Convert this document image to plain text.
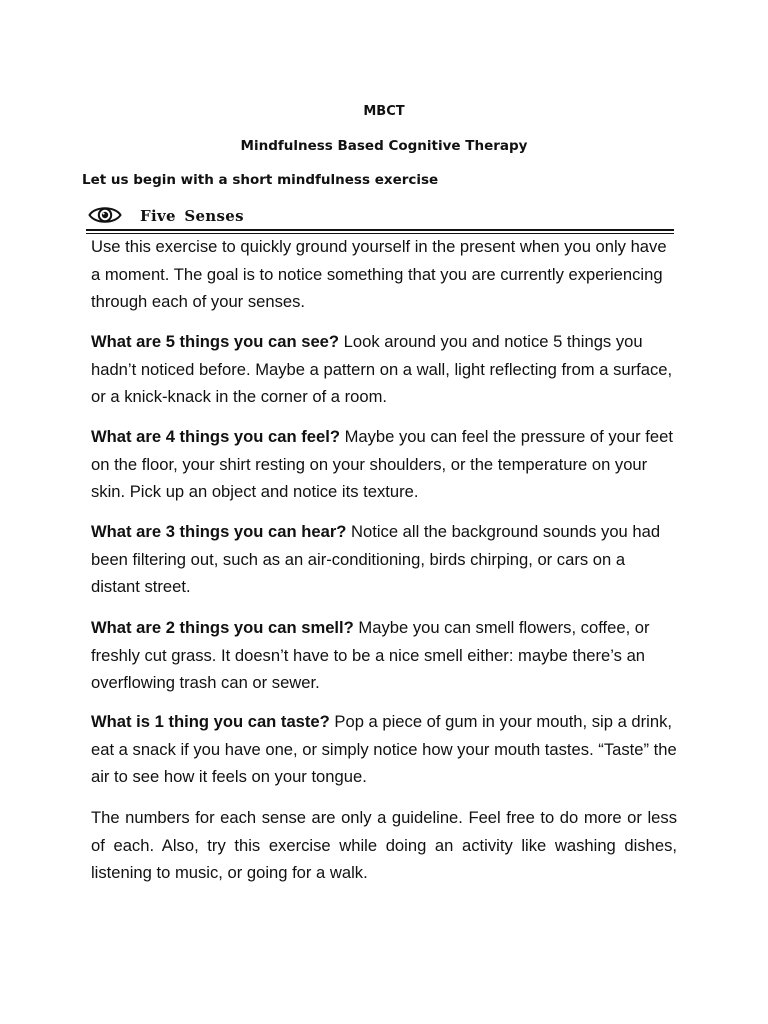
MBCT
Mindfulness Based Cognitive Therapy
Let us begin with a short mindfulness exercise
Five Senses

Use this exercise to quickly ground yourself in the present when you only have a moment. The goal is to notice something that you are currently experiencing through each of your senses.

What are 5 things you can see? Look around you and notice 5 things you hadn’t noticed before. Maybe a pattern on a wall, light reflecting from a surface, or a knick-knack in the corner of a room.

What are 4 things you can feel? Maybe you can feel the pressure of your feet on the floor, your shirt resting on your shoulders, or the temperature on your skin. Pick up an object and notice its texture.

What are 3 things you can hear? Notice all the background sounds you had been filtering out, such as an air-conditioning, birds chirping, or cars on a distant street.

What are 2 things you can smell? Maybe you can smell flowers, coffee, or freshly cut grass. It doesn’t have to be a nice smell either: maybe there’s an overflowing trash can or sewer.

What is 1 thing you can taste? Pop a piece of gum in your mouth, sip a drink, eat a snack if you have one, or simply notice how your mouth tastes. “Taste” the air to see how it feels on your tongue.

The numbers for each sense are only a guideline. Feel free to do more or less of each. Also, try this exercise while doing an activity like washing dishes, listening to music, or going for a walk.
